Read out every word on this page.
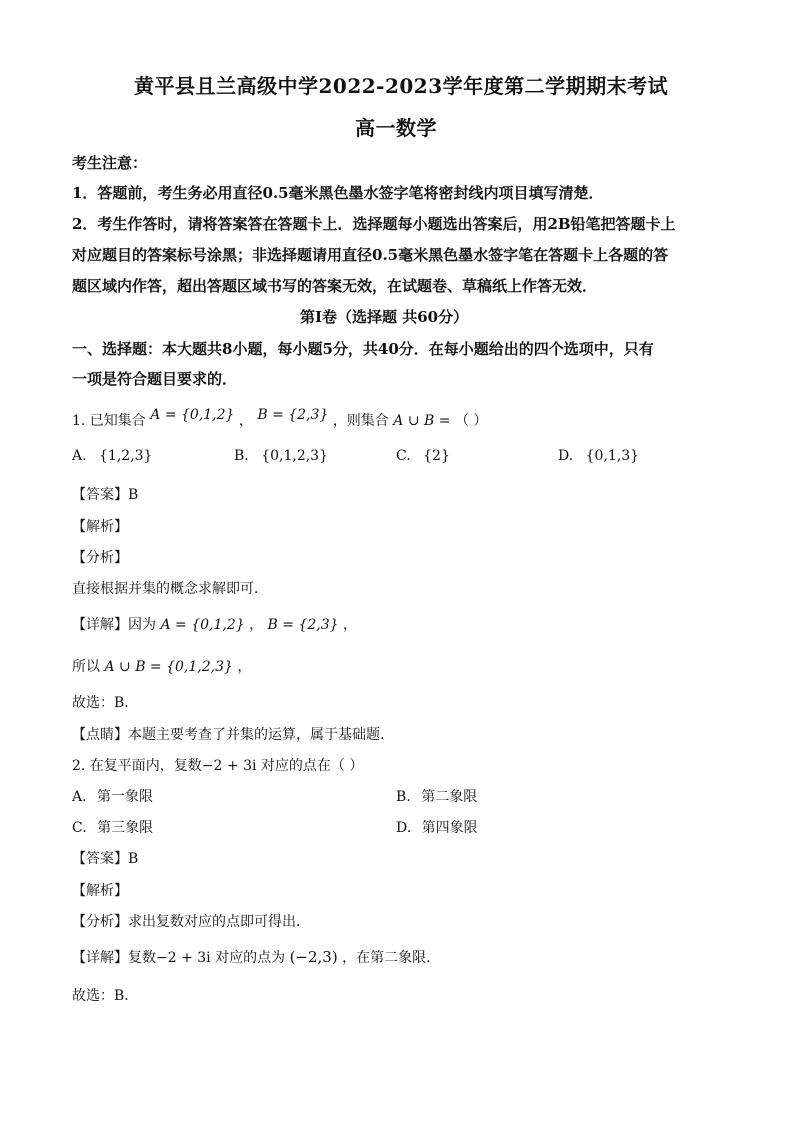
黄平县且兰高级中学2022-2023学年度第二学期期末考试
高一数学
考生注意：
1．答题前，考生务必用直径0.5毫米黑色墨水签字笔将密封线内项目填写清楚．
2．考生作答时，请将答案答在答题卡上．选择题每小题选出答案后，用2B铅笔把答题卡上
对应题目的答案标号涂黑；非选择题请用直径0.5毫米黑色墨水签字笔在答题卡上各题的答
题区域内作答，超出答题区域书写的答案无效，在试题卷、草稿纸上作答无效．
第Ⅰ卷（选择题 共60分）
一、选择题：本大题共8小题，每小题5分，共40分．在每小题给出的四个选项中，只有
一项是符合题目要求的．
1. 已知集合 A = {0,1,2} ， B = {2,3} ，则集合 A ∪ B = （ ）
A. {1,2,3}	B. {0,1,2,3}	C. {2}	D. {0,1,3}
【答案】B
【解析】
【分析】
直接根据并集的概念求解即可.
【详解】因为 A = {0,1,2} ， B = {2,3} ，
所以 A ∪ B = {0,1,2,3} ，
故选：B.
【点睛】本题主要考查了并集的运算，属于基础题.
2. 在复平面内，复数−2 + 3i 对应的点在（ ）
A. 第一象限	B. 第二象限
C. 第三象限	D. 第四象限
【答案】B
【解析】
【分析】求出复数对应的点即可得出.
【详解】复数−2 + 3i 对应的点为 (−2,3) ，在第二象限.
故选：B.
